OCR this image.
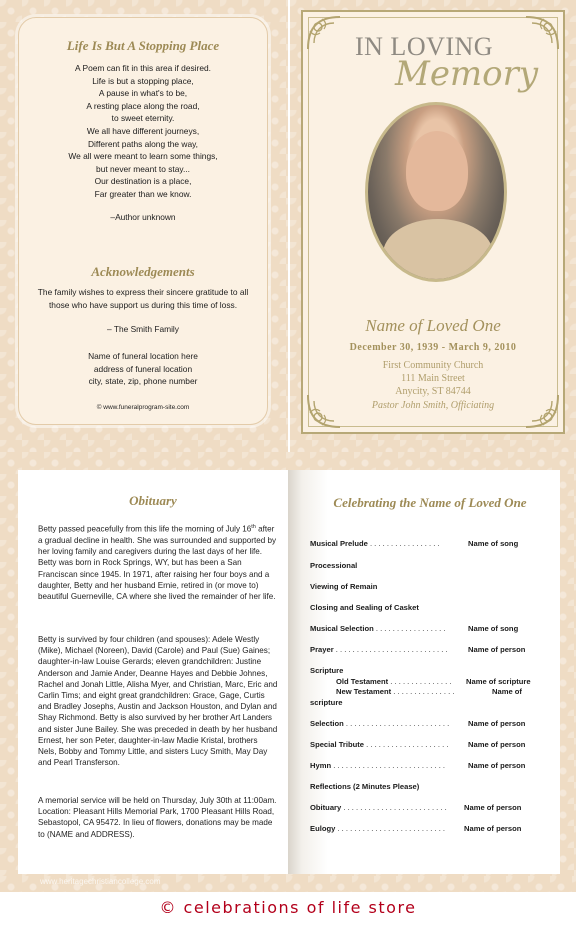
Life Is But A Stopping Place
A Poem can fit in this area if desired.
Life is but a stopping place,
A pause in what's to be,
A resting place along the road,
to sweet eternity.
We all have different journeys,
Different paths along the way,
We all were meant to learn some things,
but never meant to stay...
Our destination is a place,
Far greater than we know.
–Author unknown
Acknowledgements
The family wishes to express their sincere gratitude to all those who have support us during this time of loss.
– The Smith Family
Name of funeral location here
address of funeral location
city, state, zip, phone number
© www.funeralprogram-site.com
IN LOVING
Memory
Name of Loved One
December 30, 1939 - March 9, 2010
First Community Church
111 Main Street
Anycity, ST 84744
Pastor John Smith, Officiating
Obituary
Betty passed peacefully from this life the morning of July 16th after a gradual decline in health. She was surrounded and supported by her loving family and caregivers during the last days of her life. Betty was born in Rock Springs, WY, but has been a San Franciscan since 1945. In 1971, after raising her four boys and a daughter, Betty and her husband Ernie, retired in (or move to) beautiful Guerneville, CA where she lived the remainder of her life.
Betty is survived by four children (and spouses): Adele Westly (Mike), Michael (Noreen), David (Carole) and Paul (Sue) Gaines; daughter-in-law Louise Gerards; eleven grandchildren: Justine Anderson and Jamie Ander, Deanne Hayes and Debbie Johnes, Rachel and Jonah Little, Alisha Myer, and Christian, Marc, Eric and Carlin Tims; and eight great grandchildren: Grace, Gage, Curtis and Bradley Josephs, Austin and Jackson Houston, and Dylan and Shay Richmond. Betty is also survived by her brother Art Landers and sister June Bailey. She was preceded in death by her husband Ernest, her son Peter, daughter-in-law Madie Kristal, brothers Nels, Bobby and Tommy Little, and sisters Lucy Smith, May Day and Pearl Transferson.
A memorial service will be held on Thursday, July 30th at 11:00am. Location: Pleasant Hills Memorial Park, 1700 Pleasant Hills Road, Sebastopol, CA 95472. In lieu of flowers, donations may be made to (NAME and ADDRESS).
Celebrating the Name of Loved One
Musical Prelude . . . . . . . . . . . . . . . . .	Name of song
Processional
Viewing of Remain
Closing and Sealing of Casket
Musical Selection . . . . . . . . . . . . . . . . .	Name of song
Prayer . . . . . . . . . . . . . . . . . . . . . . . . . . .	Name of person
Scripture
Old Testament . . . . . . . . . . . . . . . Name of scripture
New Testament . . . . . . . . . . . . . . .	Name of
scripture
Selection . . . . . . . . . . . . . . . . . . . . . . . . . Name of person
Special Tribute . . . . . . . . . . . . . . . . . . . .	Name of person
Hymn . . . . . . . . . . . . . . . . . . . . . . . . . . .	Name of person
Reflections (2 Minutes Please)
Obituary . . . . . . . . . . . . . . . . . . . . . . . . . Name of person
Eulogy . . . . . . . . . . . . . . . . . . . . . . . . . . Name of person
www.heritagechristiancollege.com
© celebrations of life store
